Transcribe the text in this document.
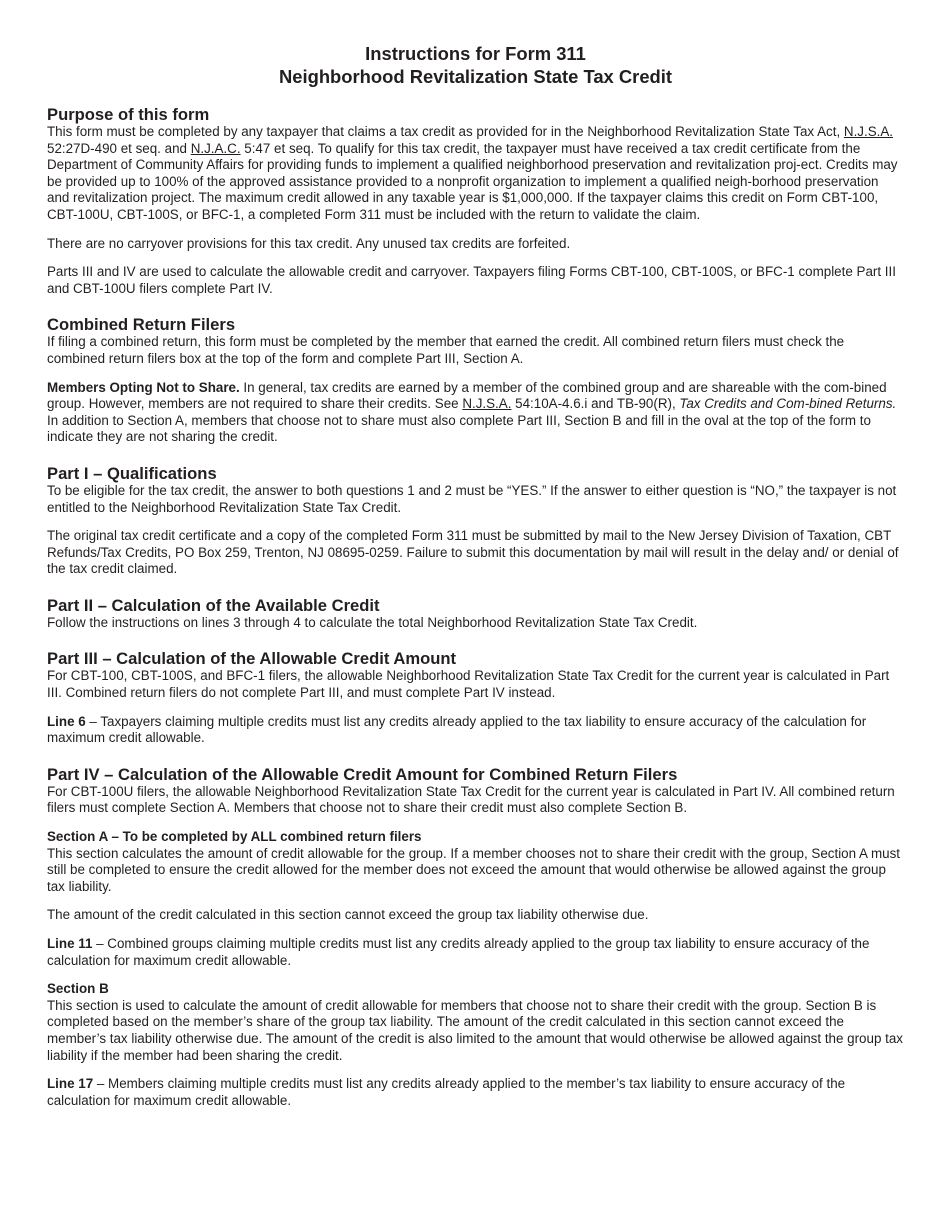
Instructions for Form 311
Neighborhood Revitalization State Tax Credit
Purpose of this form

This form must be completed by any taxpayer that claims a tax credit as provided for in the Neighborhood Revitalization State Tax Act, N.J.S.A. 52:27D-490 et seq. and N.J.A.C. 5:47 et seq. To qualify for this tax credit, the taxpayer must have received a tax credit certificate from the Department of Community Affairs for providing funds to implement a qualified neighborhood preservation and revitalization proj-ect. Credits may be provided up to 100% of the approved assistance provided to a nonprofit organization to implement a qualified neigh-borhood preservation and revitalization project. The maximum credit allowed in any taxable year is $1,000,000. If the taxpayer claims this credit on Form CBT-100, CBT-100U, CBT-100S, or BFC-1, a completed Form 311 must be included with the return to validate the claim.

There are no carryover provisions for this tax credit. Any unused tax credits are forfeited.

Parts III and IV are used to calculate the allowable credit and carryover. Taxpayers filing Forms CBT-100, CBT-100S, or BFC-1 complete Part III and CBT-100U filers complete Part IV.

Combined Return Filers

If filing a combined return, this form must be completed by the member that earned the credit. All combined return filers must check the combined return filers box at the top of the form and complete Part III, Section A.

Members Opting Not to Share. In general, tax credits are earned by a member of the combined group and are shareable with the com-bined group. However, members are not required to share their credits. See N.J.S.A. 54:10A-4.6.i and TB-90(R), Tax Credits and Com-bined Returns. In addition to Section A, members that choose not to share must also complete Part III, Section B and fill in the oval at the top of the form to indicate they are not sharing the credit.

Part I – Qualifications

To be eligible for the tax credit, the answer to both questions 1 and 2 must be “YES.” If the answer to either question is “NO,” the taxpayer is not entitled to the Neighborhood Revitalization State Tax Credit.

The original tax credit certificate and a copy of the completed Form 311 must be submitted by mail to the New Jersey Division of Taxation, CBT Refunds/Tax Credits, PO Box 259, Trenton, NJ 08695-0259. Failure to submit this documentation by mail will result in the delay and/ or denial of the tax credit claimed.

Part II – Calculation of the Available Credit

Follow the instructions on lines 3 through 4 to calculate the total Neighborhood Revitalization State Tax Credit.

Part III – Calculation of the Allowable Credit Amount

For CBT-100, CBT-100S, and BFC-1 filers, the allowable Neighborhood Revitalization State Tax Credit for the current year is calculated in Part III. Combined return filers do not complete Part III, and must complete Part IV instead.

Line 6 – Taxpayers claiming multiple credits must list any credits already applied to the tax liability to ensure accuracy of the calculation for maximum credit allowable.

Part IV – Calculation of the Allowable Credit Amount for Combined Return Filers

For CBT-100U filers, the allowable Neighborhood Revitalization State Tax Credit for the current year is calculated in Part IV. All combined return filers must complete Section A. Members that choose not to share their credit must also complete Section B.

Section A – To be completed by ALL combined return filers

This section calculates the amount of credit allowable for the group. If a member chooses not to share their credit with the group, Section A must still be completed to ensure the credit allowed for the member does not exceed the amount that would otherwise be allowed against the group tax liability.

The amount of the credit calculated in this section cannot exceed the group tax liability otherwise due.

Line 11 – Combined groups claiming multiple credits must list any credits already applied to the group tax liability to ensure accuracy of the calculation for maximum credit allowable.

Section B

This section is used to calculate the amount of credit allowable for members that choose not to share their credit with the group. Section B is completed based on the member’s share of the group tax liability. The amount of the credit calculated in this section cannot exceed the member’s tax liability otherwise due. The amount of the credit is also limited to the amount that would otherwise be allowed against the group tax liability if the member had been sharing the credit.

Line 17 – Members claiming multiple credits must list any credits already applied to the member’s tax liability to ensure accuracy of the calculation for maximum credit allowable.
